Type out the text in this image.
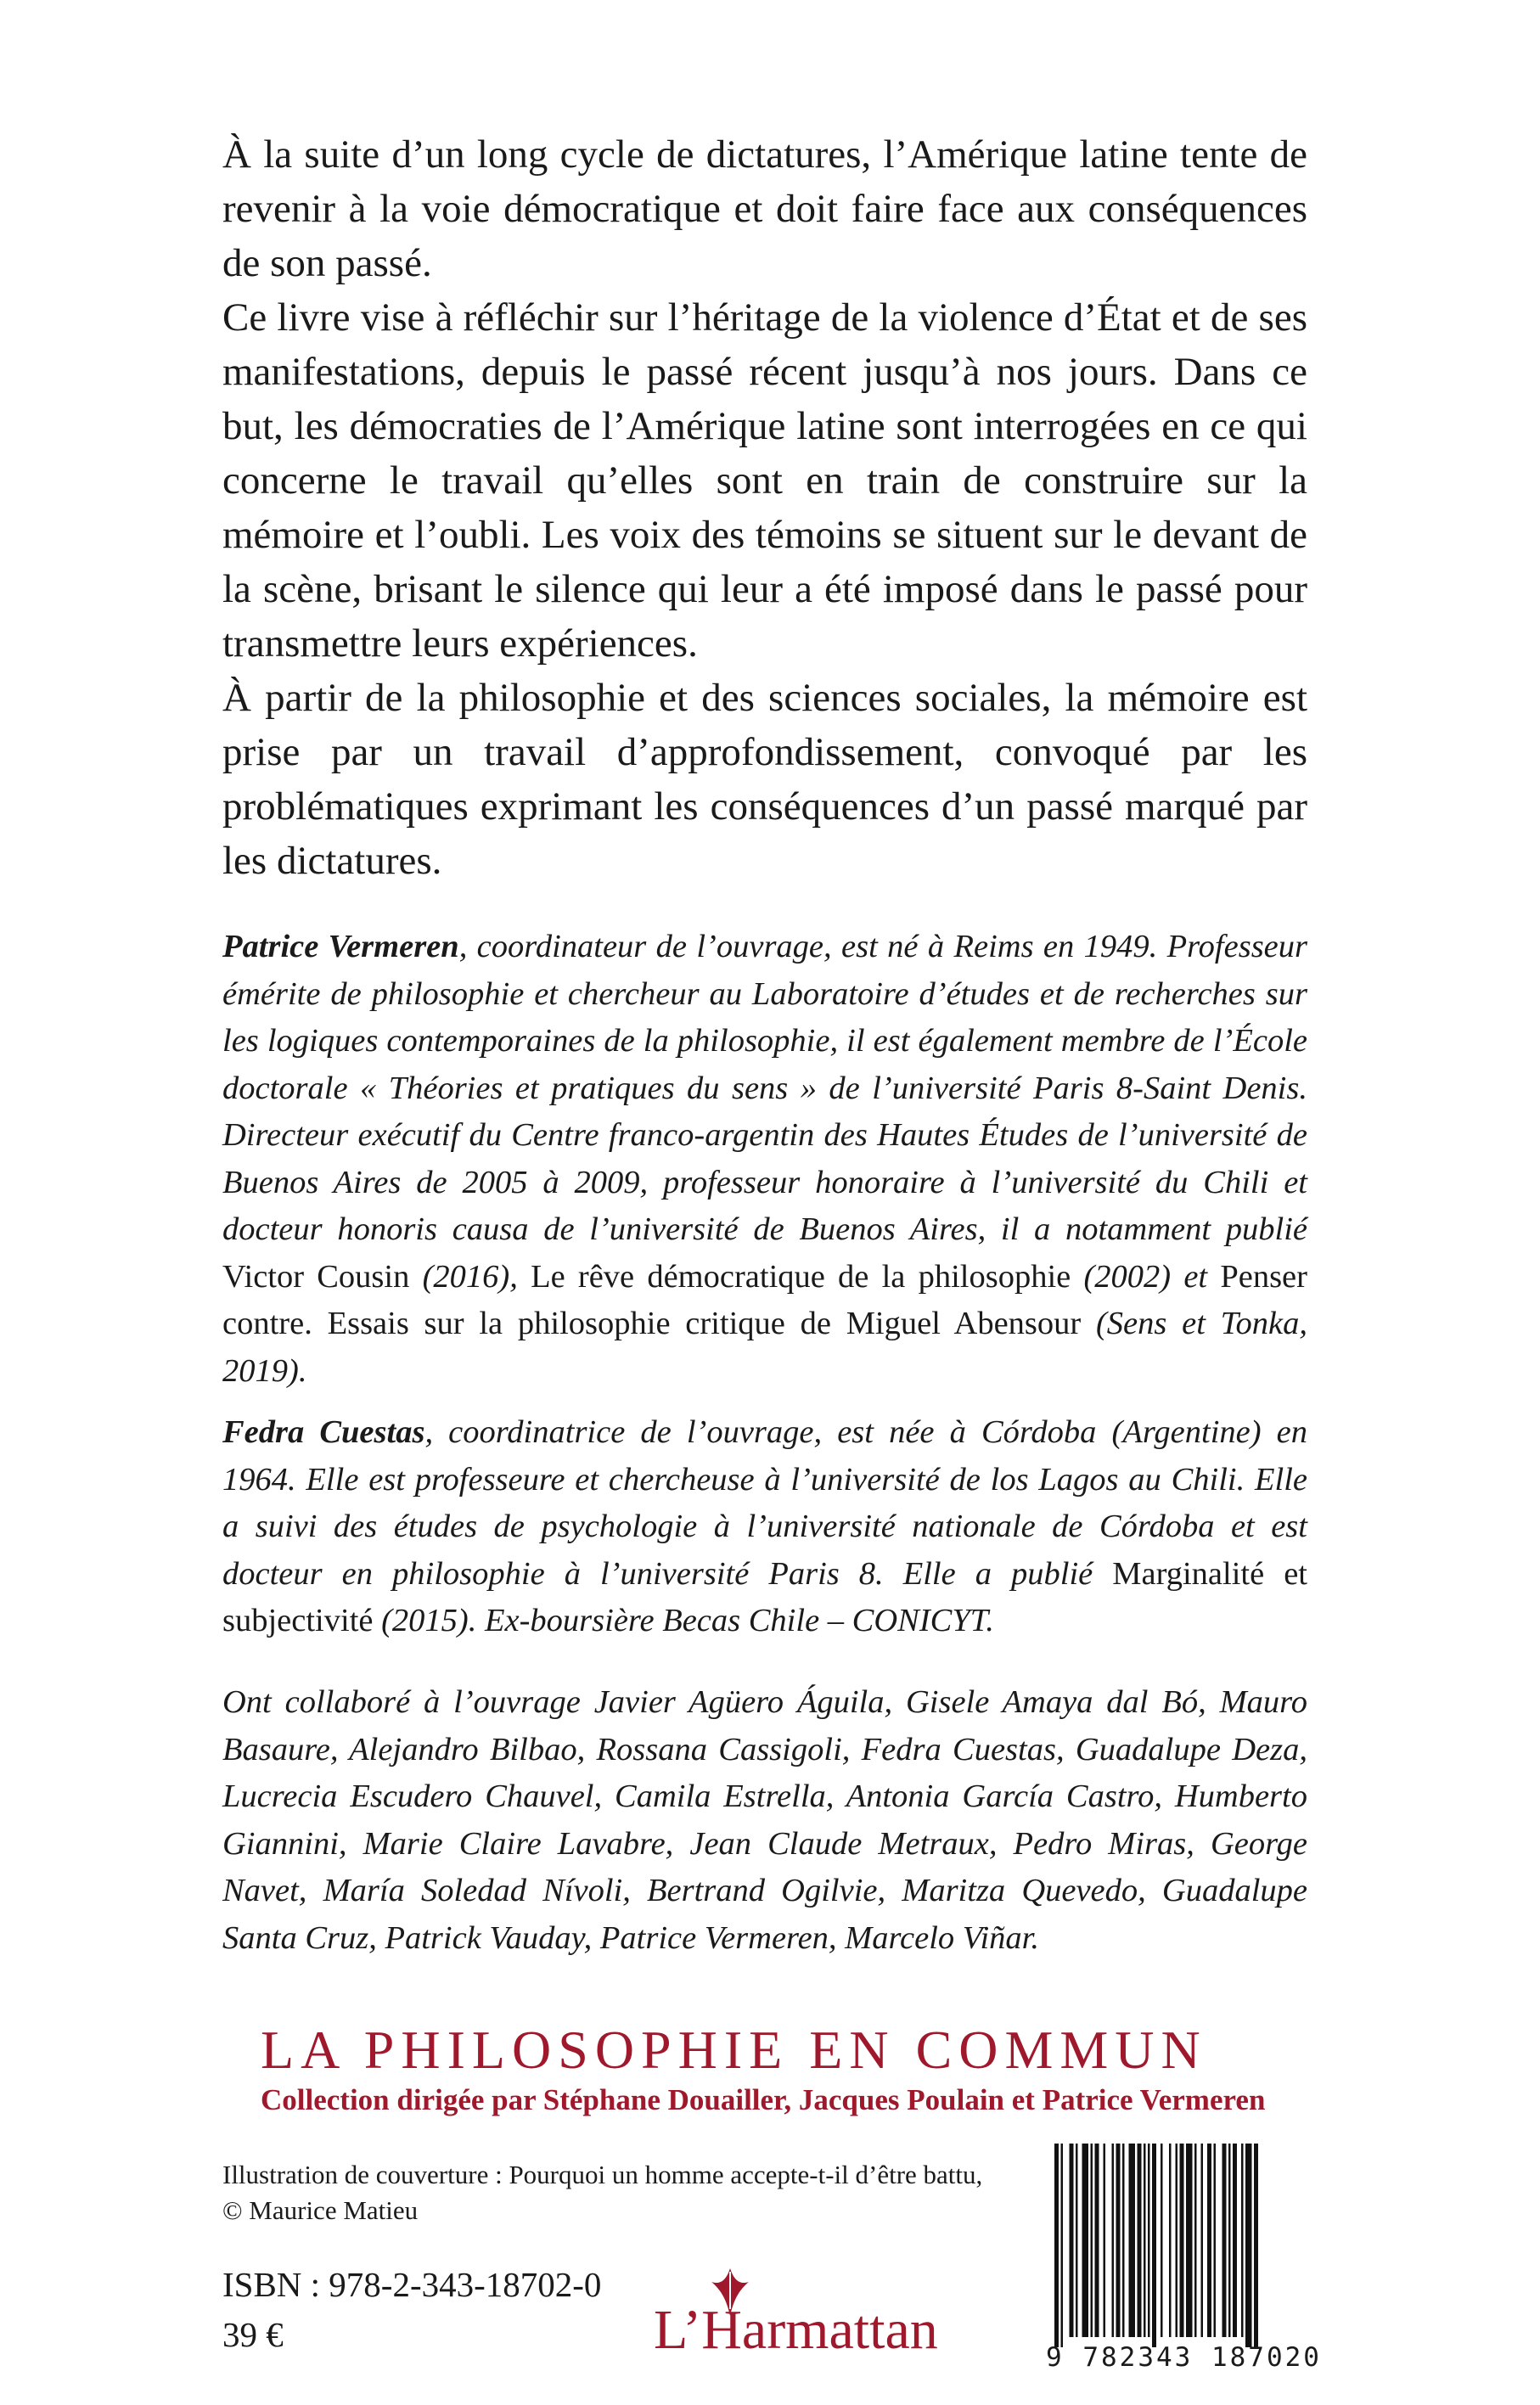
À la suite d’un long cycle de dictatures, l’Amérique latine tente de revenir à la voie démocratique et doit faire face aux conséquences de son passé.

Ce livre vise à réfléchir sur l’héritage de la violence d’État et de ses manifestations, depuis le passé récent jusqu’à nos jours. Dans ce but, les démocraties de l’Amérique latine sont interrogées en ce qui concerne le travail qu’elles sont en train de construire sur la mémoire et l’oubli. Les voix des témoins se situent sur le devant de la scène, brisant le silence qui leur a été imposé dans le passé pour transmettre leurs expériences.

À partir de la philosophie et des sciences sociales, la mémoire est prise par un travail d’approfondissement, convoqué par les problématiques exprimant les conséquences d’un passé marqué par les dictatures.

Patrice Vermeren, coordinateur de l’ouvrage, est né à Reims en 1949. Professeur émérite de philosophie et chercheur au Laboratoire d’études et de recherches sur les logiques contemporaines de la philosophie, il est également membre de l’École doctorale « Théories et pratiques du sens » de l’université Paris 8-Saint Denis. Directeur exécutif du Centre franco-argentin des Hautes Études de l’université de Buenos Aires de 2005 à 2009, professeur honoraire à l’université du Chili et docteur honoris causa de l’université de Buenos Aires, il a notamment publié Victor Cousin (2016), Le rêve démocratique de la philosophie (2002) et Penser contre. Essais sur la philosophie critique de Miguel Abensour (Sens et Tonka, 2019).

Fedra Cuestas, coordinatrice de l’ouvrage, est née à Córdoba (Argentine) en 1964. Elle est professeure et chercheuse à l’université de los Lagos au Chili. Elle a suivi des études de psychologie à l’université nationale de Córdoba et est docteur en philosophie à l’université Paris 8. Elle a publié Marginalité et subjectivité (2015). Ex-boursière Becas Chile – CONICYT.

Ont collaboré à l’ouvrage Javier Agüero Águila, Gisele Amaya dal Bó, Mauro Basaure, Alejandro Bilbao, Rossana Cassigoli, Fedra Cuestas, Guadalupe Deza, Lucrecia Escudero Chauvel, Camila Estrella, Antonia García Castro, Humberto Giannini, Marie Claire Lavabre, Jean Claude Metraux, Pedro Miras, George Navet, María Soledad Nívoli, Bertrand Ogilvie, Maritza Quevedo, Guadalupe Santa Cruz, Patrick Vauday, Patrice Vermeren, Marcelo Viñar.

LA PHILOSOPHIE EN COMMUN
Collection dirigée par Stéphane Douailler, Jacques Poulain et Patrice Vermeren
Illustration de couverture : Pourquoi un homme accepte-t-il d’être battu,
© Maurice Matieu
ISBN : 978-2-343-18702-0
39 €	L’Harmattan	9 782343 187020
